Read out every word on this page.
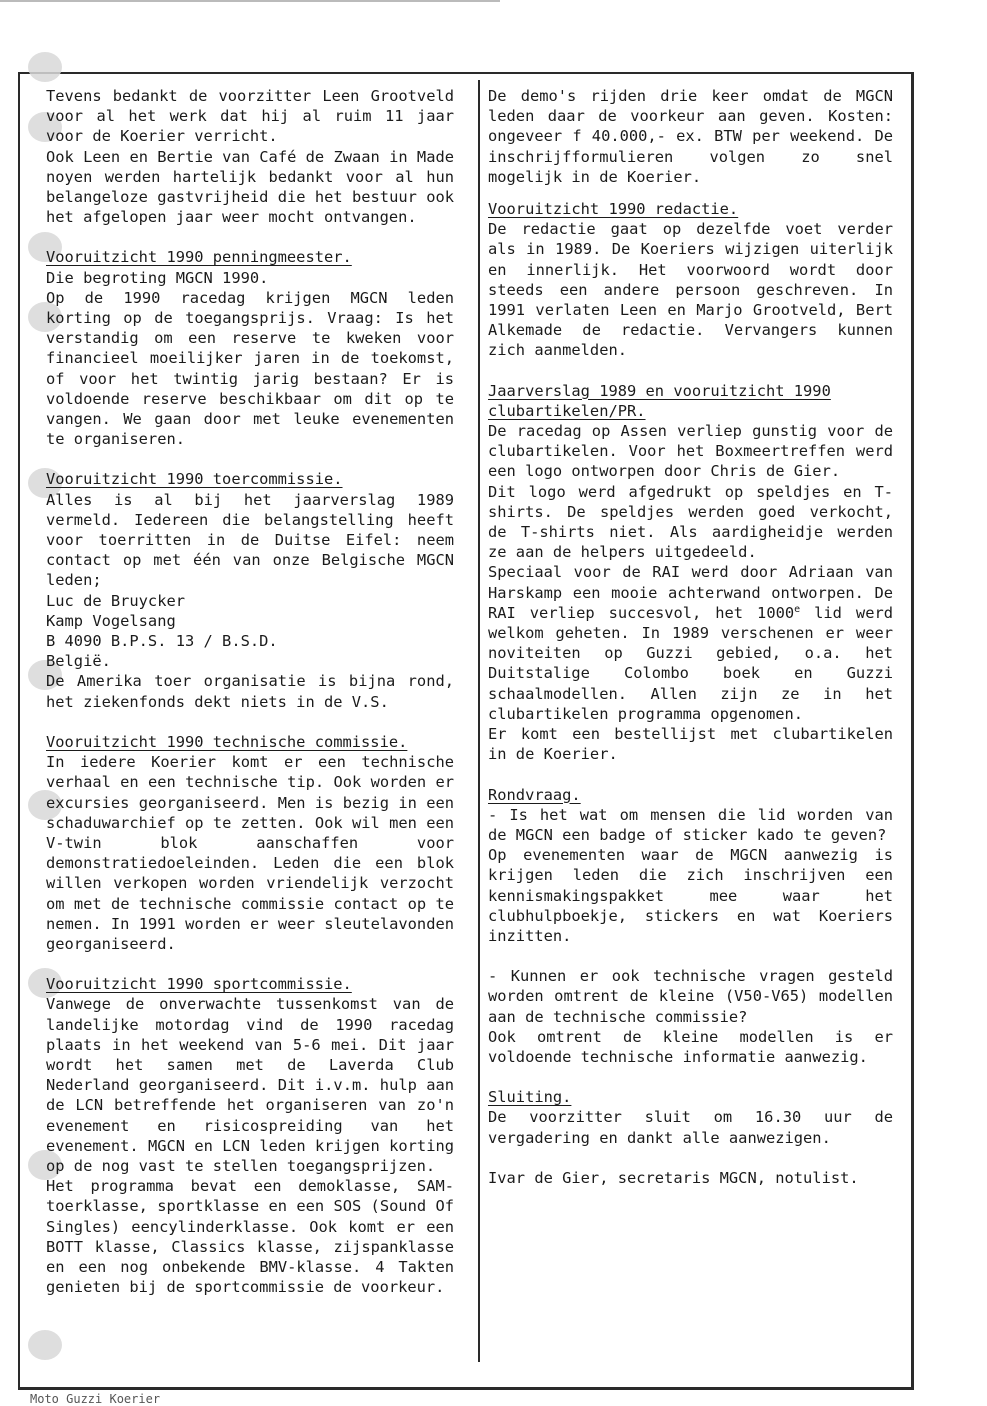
Tevens bedankt de voorzitter Leen Grootveld voor al het werk dat hij al ruim 11 jaar voor de Koerier verricht.

Ook Leen en Bertie van Café de Zwaan in Made noyen werden hartelijk bedankt voor al hun belangeloze gastvrijheid die het bestuur ook het afgelopen jaar weer mocht ontvangen.

Vooruitzicht 1990 penningmeester.

Die begroting MGCN 1990.

Op de 1990 racedag krijgen MGCN leden korting op de toegangsprijs. Vraag: Is het verstandig om een reserve te kweken voor financieel moeilijker jaren in de toekomst, of voor het twintig jarig bestaan? Er is voldoende reserve beschikbaar om dit op te vangen. We gaan door met leuke evenementen te organiseren.

Vooruitzicht 1990 toercommissie.

Alles is al bij het jaarverslag 1989 vermeld. Iedereen die belangstelling heeft voor toerritten in de Duitse Eifel: neem contact op met één van onze Belgische MGCN leden;

Luc de Bruycker

Kamp Vogelsang

B 4090 B.P.S. 13 / B.S.D.

België.

De Amerika toer organisatie is bijna rond, het ziekenfonds dekt niets in de V.S.

Vooruitzicht 1990 technische commissie.

In iedere Koerier komt er een technische verhaal en een technische tip. Ook worden er excursies georganiseerd. Men is bezig in een schaduwarchief op te zetten. Ook wil men een V-twin blok aanschaffen voor demonstratiedoeleinden. Leden die een blok willen verkopen worden vriendelijk verzocht om met de technische commissie contact op te nemen. In 1991 worden er weer sleutelavonden georganiseerd.

Vooruitzicht 1990 sportcommissie.

Vanwege de onverwachte tussenkomst van de landelijke motordag vind de 1990 racedag plaats in het weekend van 5-6 mei. Dit jaar wordt het samen met de Laverda Club Nederland georganiseerd. Dit i.v.m. hulp aan de LCN betreffende het organiseren van zo'n evenement en risicospreiding van het evenement. MGCN en LCN leden krijgen korting op de nog vast te stellen toegangsprijzen.

Het programma bevat een demoklasse, SAM-toerklasse, sportklasse en een SOS (Sound Of Singles) eencylinderklasse. Ook komt er een BOTT klasse, Classics klasse, zijspanklasse en een nog onbekende BMV-klasse. 4 Takten genieten bij de sportcommissie de voorkeur.

De demo's rijden drie keer omdat de MGCN leden daar de voorkeur aan geven. Kosten: ongeveer f 40.000,- ex. BTW per weekend. De inschrijfformulieren volgen zo snel mogelijk in de Koerier.

Vooruitzicht 1990 redactie.

De redactie gaat op dezelfde voet verder als in 1989. De Koeriers wijzigen uiterlijk en innerlijk. Het voorwoord wordt door steeds een andere persoon geschreven. In 1991 verlaten Leen en Marjo Grootveld, Bert Alkemade de redactie. Vervangers kunnen zich aanmelden.

Jaarverslag 1989 en vooruitzicht 1990 clubartikelen/PR.

De racedag op Assen verliep gunstig voor de clubartikelen. Voor het Boxmeertreffen werd een logo ontworpen door Chris de Gier.

Dit logo werd afgedrukt op speldjes en T-shirts. De speldjes werden goed verkocht, de T-shirts niet. Als aardigheidje werden ze aan de helpers uitgedeeld.

Speciaal voor de RAI werd door Adriaan van Harskamp een mooie achterwand ontworpen. De RAI verliep succesvol, het 1000e lid werd welkom geheten. In 1989 verschenen er weer noviteiten op Guzzi gebied, o.a. het Duitstalige Colombo boek en Guzzi schaalmodellen. Allen zijn ze in het clubartikelen programma opgenomen.

Er komt een bestellijst met clubartikelen in de Koerier.

Rondvraag.

- Is het wat om mensen die lid worden van de MGCN een badge of sticker kado te geven?

Op evenementen waar de MGCN aanwezig is krijgen leden die zich inschrijven een kennismakingspakket mee waar het clubhulpboekje, stickers en wat Koeriers inzitten.

- Kunnen er ook technische vragen gesteld worden omtrent de kleine (V50-V65) modellen aan de technische commissie?

Ook omtrent de kleine modellen is er voldoende technische informatie aanwezig.

Sluiting.

De voorzitter sluit om 16.30 uur de vergadering en dankt alle aanwezigen.

Ivar de Gier, secretaris MGCN, notulist.

Moto Guzzi Koerier
